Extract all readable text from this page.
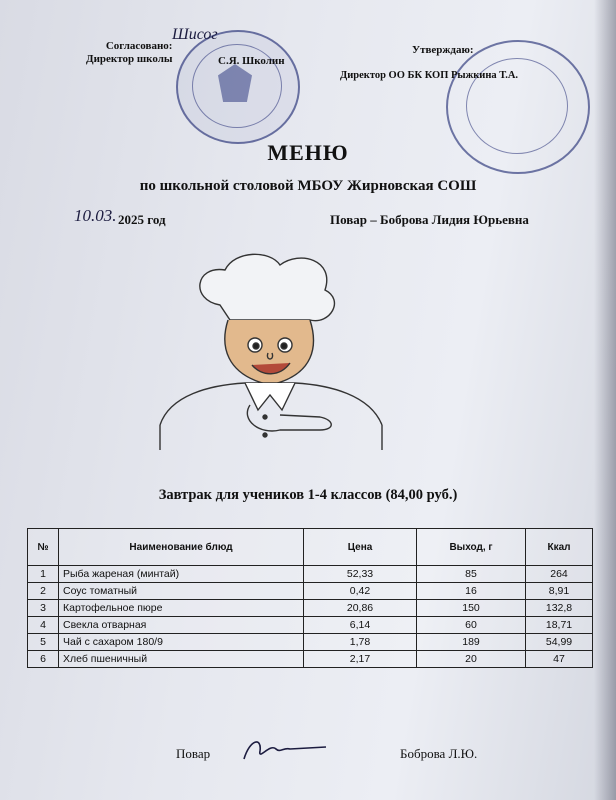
Согласовано:
Директор школы
Шисог
С.Я. Школин
Утверждаю:
Директор ОО БК КОП Рыжкина Т.А.
МЕНЮ
по школьной столовой МБОУ Жирновская СОШ
10.03. 2025 год	Повар – Боброва Лидия Юрьевна
Завтрак для учеников 1-4 классов (84,00 руб.)
№	Наименование блюд	Цена	Выход, г	Ккал
1	Рыба жареная (минтай)	52,33	85	264
2	Соус томатный	0,42	16	8,91
3	Картофельное пюре	20,86	150	132,8
4	Свекла отварная	6,14	60	18,71
5	Чай с сахаром 180/9	1,78	189	54,99
6	Хлеб пшеничный	2,17	20	47
Повар	Боброва Л.Ю.
